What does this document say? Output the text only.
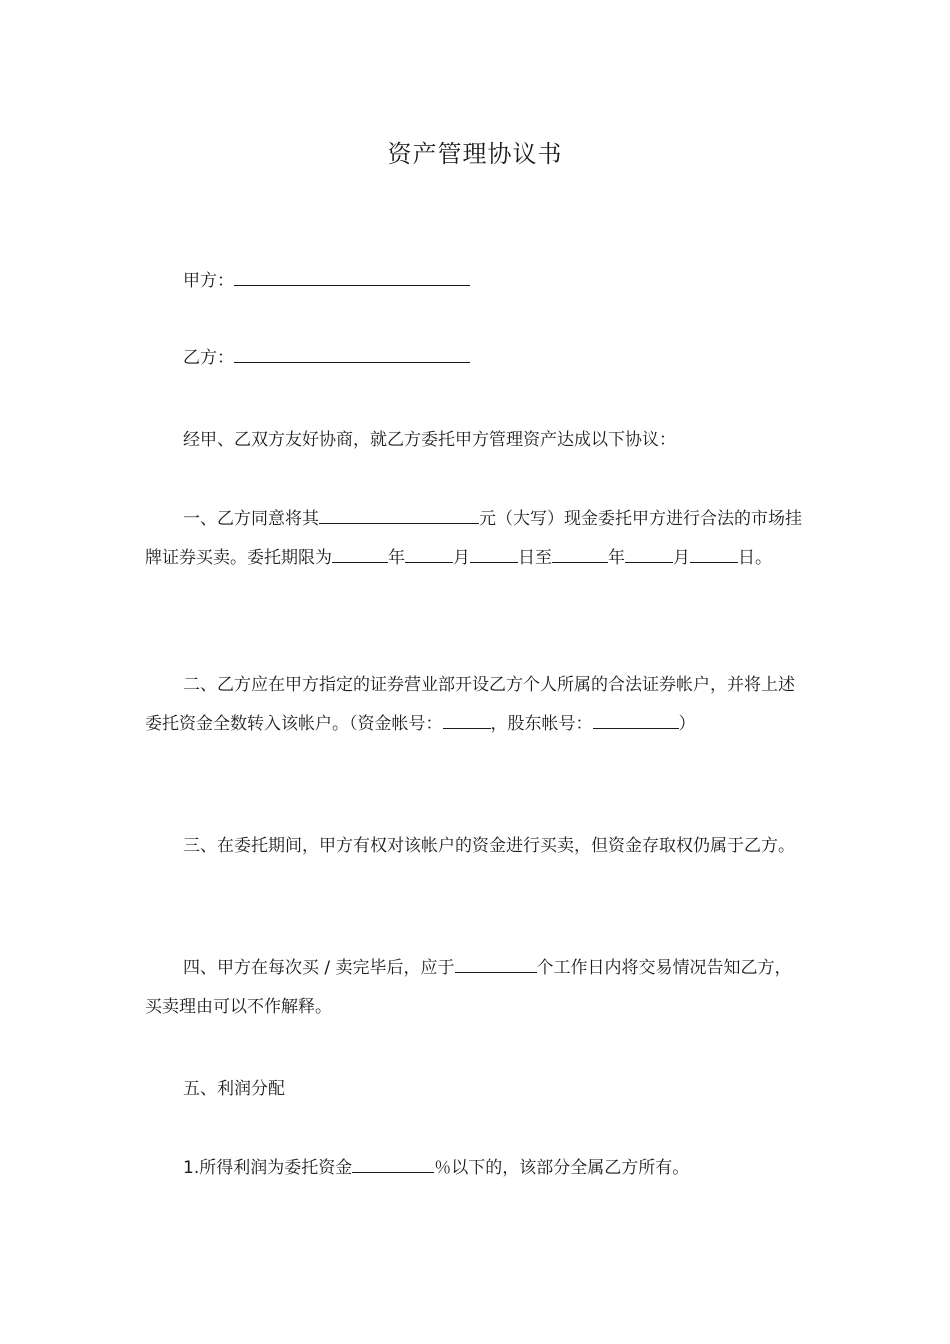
资产管理协议书

甲方：

乙方：

经甲、乙双方友好协商，就乙方委托甲方管理资产达成以下协议：

一、乙方同意将其	元（大写）现金委托甲方进行合法的市场挂牌证券买卖。委托期限为	年	月	日至	年	月	日。

二、乙方应在甲方指定的证券营业部开设乙方个人所属的合法证券帐户，并将上述委托资金全数转入该帐户。（资金帐号：	，股东帐号：	）

三、在委托期间，甲方有权对该帐户的资金进行买卖，但资金存取权仍属于乙方。

四、甲方在每次买 / 卖完毕后，应于	个工作日内将交易情况告知乙方，买卖理由可以不作解释。

五、利润分配

1.所得利润为委托资金	％以下的，该部分全属乙方所有。
